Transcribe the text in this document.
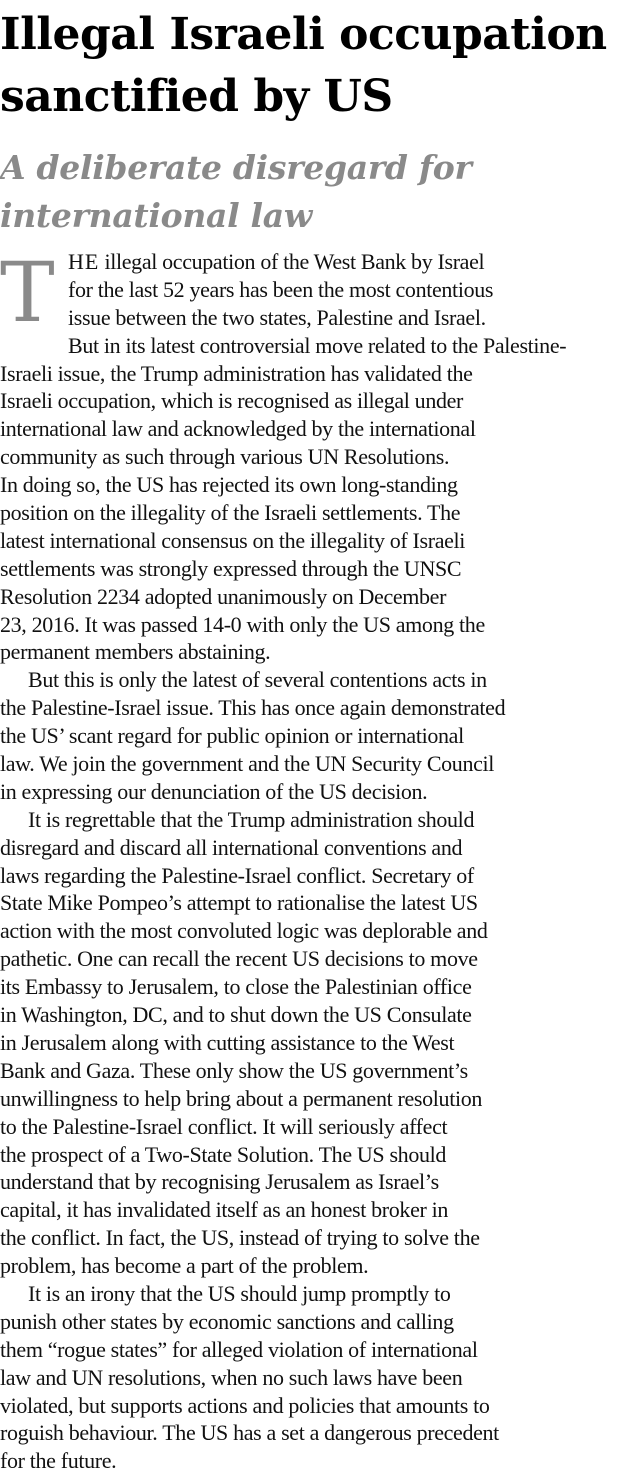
Illegal Israeli occupation
sanctified by US
A deliberate disregard for
international law
T HE illegal occupation of the West Bank by Israel
for the last 52 years has been the most contentious
issue between the two states, Palestine and Israel.
But in its latest controversial move related to the Palestine-
Israeli issue, the Trump administration has validated the
Israeli occupation, which is recognised as illegal under
international law and acknowledged by the international
community as such through various UN Resolutions.
In doing so, the US has rejected its own long-standing
position on the illegality of the Israeli settlements. The
latest international consensus on the illegality of Israeli
settlements was strongly expressed through the UNSC
Resolution 2234 adopted unanimously on December
23, 2016. It was passed 14-0 with only the US among the
permanent members abstaining.
But this is only the latest of several contentions acts in
the Palestine-Israel issue. This has once again demonstrated
the US’ scant regard for public opinion or international
law. We join the government and the UN Security Council
in expressing our denunciation of the US decision.
It is regrettable that the Trump administration should
disregard and discard all international conventions and
laws regarding the Palestine-Israel conflict. Secretary of
State Mike Pompeo’s attempt to rationalise the latest US
action with the most convoluted logic was deplorable and
pathetic. One can recall the recent US decisions to move
its Embassy to Jerusalem, to close the Palestinian office
in Washington, DC, and to shut down the US Consulate
in Jerusalem along with cutting assistance to the West
Bank and Gaza. These only show the US government’s
unwillingness to help bring about a permanent resolution
to the Palestine-Israel conflict. It will seriously affect
the prospect of a Two-State Solution. The US should
understand that by recognising Jerusalem as Israel’s
capital, it has invalidated itself as an honest broker in
the conflict. In fact, the US, instead of trying to solve the
problem, has become a part of the problem.
It is an irony that the US should jump promptly to
punish other states by economic sanctions and calling
them “rogue states” for alleged violation of international
law and UN resolutions, when no such laws have been
violated, but supports actions and policies that amounts to
roguish behaviour. The US has a set a dangerous precedent
for the future.
